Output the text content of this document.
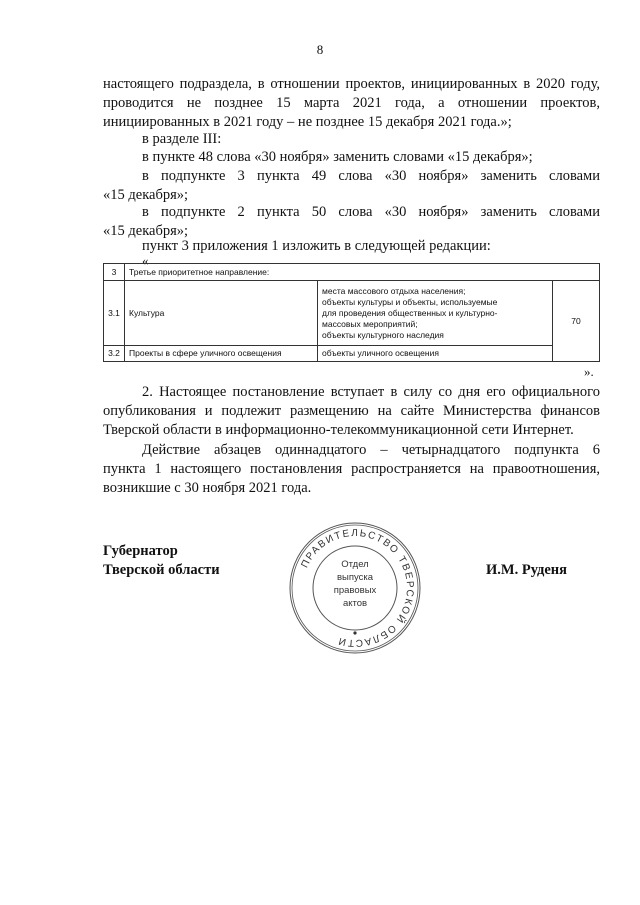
8
настоящего подраздела, в отношении проектов, инициированных в 2020 году,
проводится не позднее 15 марта 2021 года, а отношении проектов,
инициированных в 2021 году – не позднее 15 декабря 2021 года.»;
в разделе III:
в пункте 48 слова «30 ноября» заменить словами «15 декабря»;
в подпункте 3 пункта 49 слова «30 ноября» заменить словами
«15 декабря»;
в подпункте 2 пункта 50 слова «30 ноября» заменить словами
«15 декабря»;
пункт 3 приложения 1 изложить в следующей редакции:
«
3	Третье приоритетное направление:		
3.1	Культура	места массового отдыха населения;
объекты культуры и объекты, используемые
для проведения общественных и культурно-
массовых мероприятий;
объекты культурного наследия	70
3.2	Проекты в сфере уличного освещения	объекты уличного освещения	
».
2. Настоящее постановление вступает в силу со дня его официального
опубликования и подлежит размещению на сайте Министерства финансов
Тверской области в информационно-телекоммуникационной сети Интернет.
Действие абзацев одиннадцатого – четырнадцатого подпункта 6
пункта 1 настоящего постановления распространяется на правоотношения,
возникшие с 30 ноября 2021 года.
Губернатор
Тверской области	И.М. Руденя
ПРАВИТЕЛЬСТВО ТВЕРСКОЙ ОБЛАСТИ
Отдел
выпуска
правовых
актов
